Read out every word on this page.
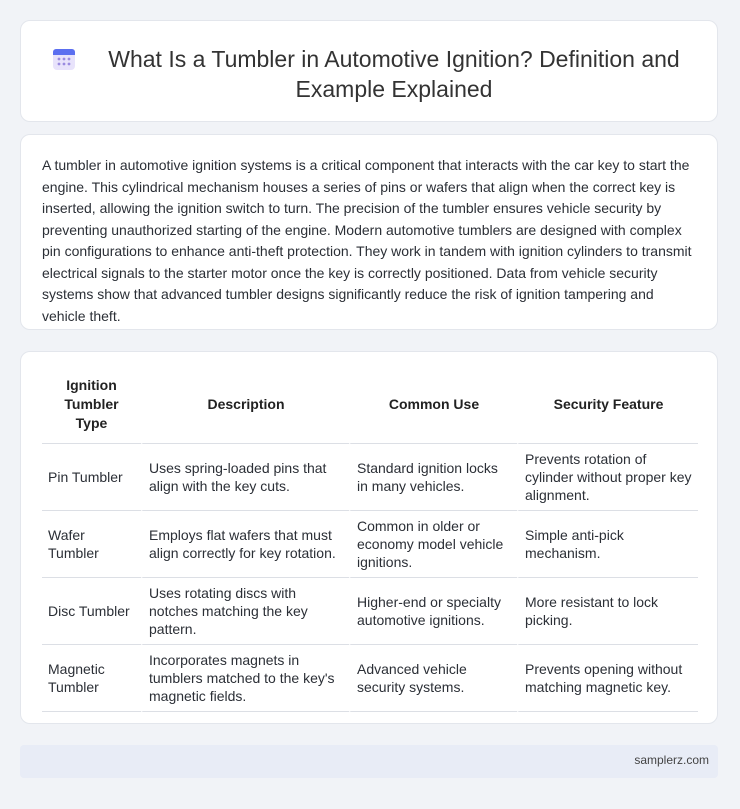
What Is a Tumbler in Automotive Ignition? Definition and Example Explained

A tumbler in automotive ignition systems is a critical component that interacts with the car key to start the engine. This cylindrical mechanism houses a series of pins or wafers that align when the correct key is inserted, allowing the ignition switch to turn. The precision of the tumbler ensures vehicle security by preventing unauthorized starting of the engine. Modern automotive tumblers are designed with complex pin configurations to enhance anti-theft protection. They work in tandem with ignition cylinders to transmit electrical signals to the starter motor once the key is correctly positioned. Data from vehicle security systems show that advanced tumbler designs significantly reduce the risk of ignition tampering and vehicle theft.

Ignition Tumbler Type	Description	Common Use	Security Feature
Pin Tumbler	Uses spring-loaded pins that align with the key cuts.	Standard ignition locks in many vehicles.	Prevents rotation of cylinder without proper key alignment.
Wafer Tumbler	Employs flat wafers that must align correctly for key rotation.	Common in older or economy model vehicle ignitions.	Simple anti-pick mechanism.
Disc Tumbler	Uses rotating discs with notches matching the key pattern.	Higher-end or specialty automotive ignitions.	More resistant to lock picking.
Magnetic Tumbler	Incorporates magnets in tumblers matched to the key's magnetic fields.	Advanced vehicle security systems.	Prevents opening without matching magnetic key.
samplerz.com
